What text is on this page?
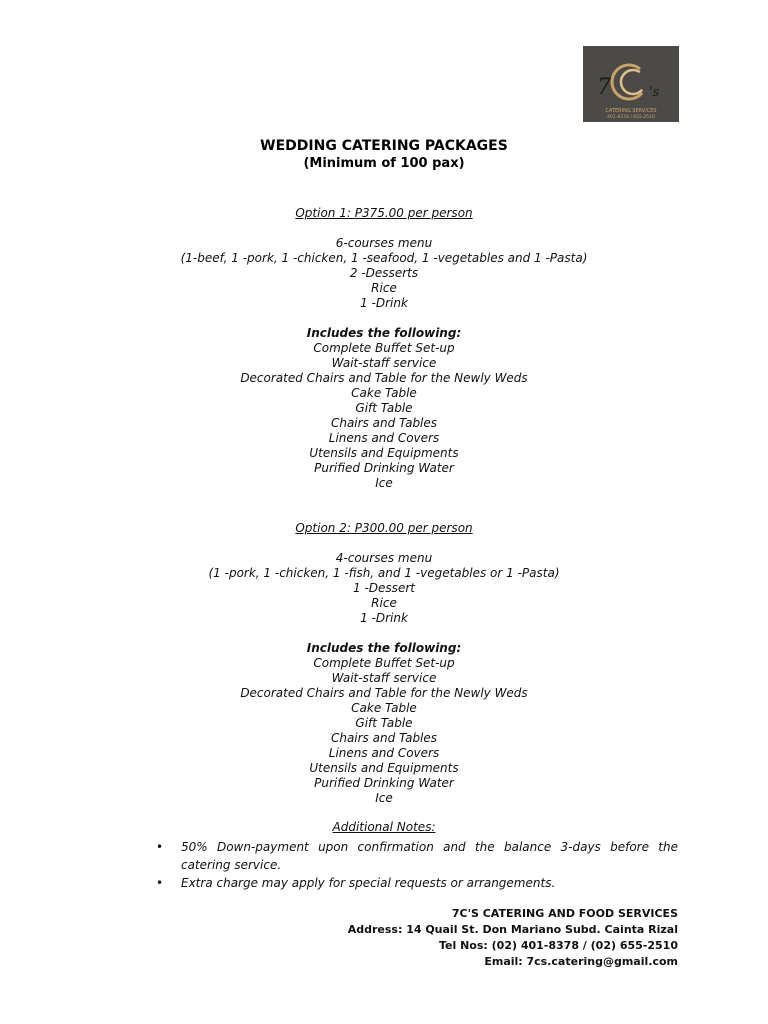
7	's
CATERING SERVICES
401-8378 / 655-2510
WEDDING CATERING PACKAGES
(Minimum of 100 pax)
Option 1: P375.00 per person
6-courses menu
(1-beef, 1 -pork, 1 -chicken, 1 -seafood, 1 -vegetables and 1 -Pasta)
2 -Desserts
Rice
1 -Drink
Includes the following:
Complete Buffet Set-up
Wait-staff service
Decorated Chairs and Table for the Newly Weds
Cake Table
Gift Table
Chairs and Tables
Linens and Covers
Utensils and Equipments
Purified Drinking Water
Ice
Option 2: P300.00 per person
4-courses menu
(1 -pork, 1 -chicken, 1 -fish, and 1 -vegetables or 1 -Pasta)
1 -Dessert
Rice
1 -Drink
Includes the following:
Complete Buffet Set-up
Wait-staff service
Decorated Chairs and Table for the Newly Weds
Cake Table
Gift Table
Chairs and Tables
Linens and Covers
Utensils and Equipments
Purified Drinking Water
Ice
Additional Notes:
• 50% Down-payment upon confirmation and the balance 3-days before the catering service.
• Extra charge may apply for special requests or arrangements.
7C'S CATERING AND FOOD SERVICES
Address: 14 Quail St. Don Mariano Subd. Cainta Rizal
Tel Nos: (02) 401-8378 / (02) 655-2510
Email: 7cs.catering@gmail.com
